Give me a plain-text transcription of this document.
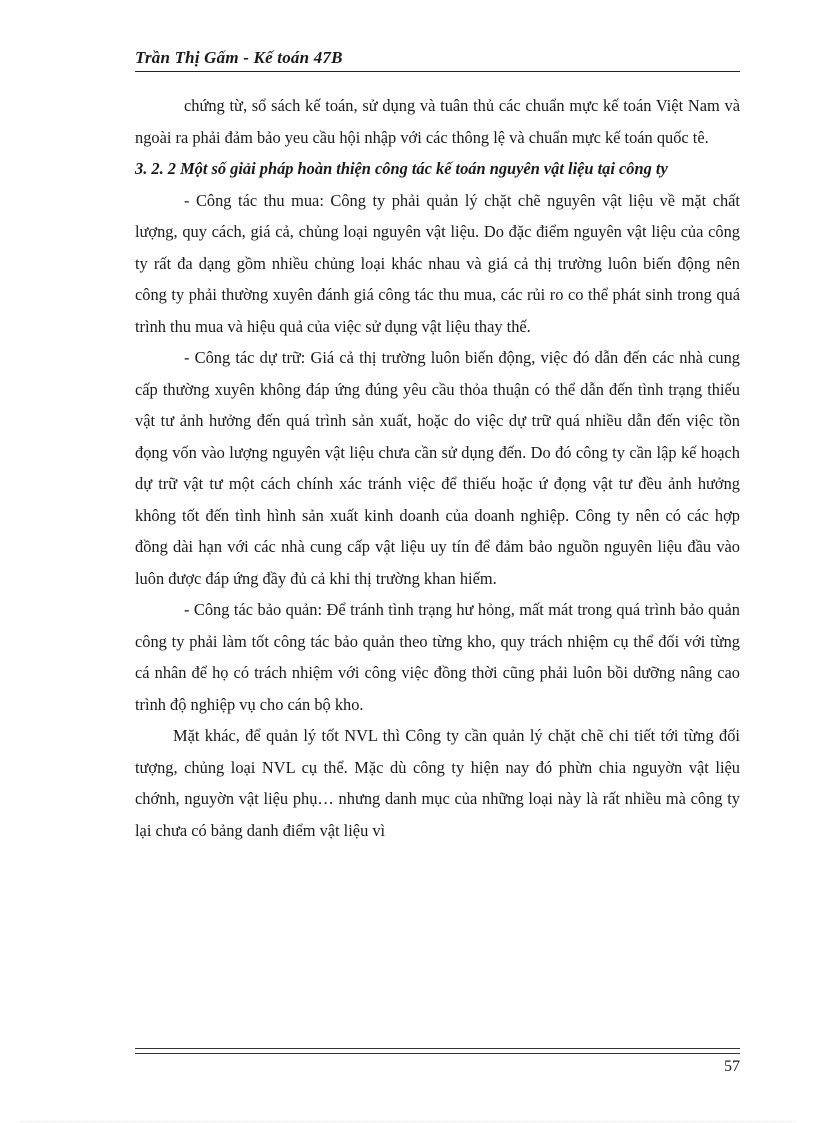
Trần Thị Gấm - Kế toán 47B

chứng từ, sổ sách kế toán, sử dụng và tuân thủ các chuẩn mực kế toán Việt Nam và ngoài ra phải đảm bảo yeu cầu hội nhập với các thông lệ và chuẩn mực kế toán quốc tê.

3. 2. 2 Một số giải pháp hoàn thiện công tác kế toán nguyên vật liệu tại công ty

- Công tác thu mua: Công ty phải quản lý chặt chẽ nguyên vật liệu về mặt chất lượng, quy cách, giá cả, chủng loại nguyên vật liệu. Do đặc điểm nguyên vật liệu của công ty rất đa dạng gồm nhiều chủng loại khác nhau và giá cả thị trường luôn biến động nên công ty phải thường xuyên đánh giá công tác thu mua, các rủi ro co thể phát sinh trong quá trình thu mua và hiệu quả của việc sử dụng vật liệu thay thế.

- Công tác dự trữ: Giá cả thị trường luôn biến động, việc đó dẫn đến các nhà cung cấp thường xuyên không đáp ứng đúng yêu cầu thỏa thuận có thể dẫn đến tình trạng thiếu vật tư ảnh hưởng đến quá trình sản xuất, hoặc do việc dự trữ quá nhiều dẫn đến việc tồn đọng vốn vào lượng nguyên vật liệu chưa cần sử dụng đến. Do đó công ty cần lập kế hoạch dự trữ vật tư một cách chính xác tránh việc để thiếu hoặc ứ đọng vật tư đều ảnh hưởng không tốt đến tình hình sản xuất kinh doanh của doanh nghiệp. Công ty nên có các hợp đồng dài hạn với các nhà cung cấp vật liệu uy tín để đảm bảo nguồn nguyên liệu đầu vào luôn được đáp ứng đầy đủ cả khi thị trường khan hiếm.

- Công tác bảo quản: Để tránh tình trạng hư hỏng, mất mát trong quá trình bảo quản công ty phải làm tốt công tác bảo quản theo từng kho, quy trách nhiệm cụ thể đối với từng cá nhân để họ có trách nhiệm với công việc đồng thời cũng phải luôn bồi dưỡng nâng cao trình độ nghiệp vụ cho cán bộ kho.

Mặt khác, để quản lý tốt NVL thì Công ty cần quản lý chặt chẽ chi tiết tới từng đối tượng, chủng loại NVL cụ thể. Mặc dù công ty hiện nay đó phừn chia nguyờn vật liệu chớnh, nguyờn vật liệu phụ… nhưng danh mục của những loại này là rất nhiều mà công ty lại chưa có bảng danh điểm vật liệu vì

57
